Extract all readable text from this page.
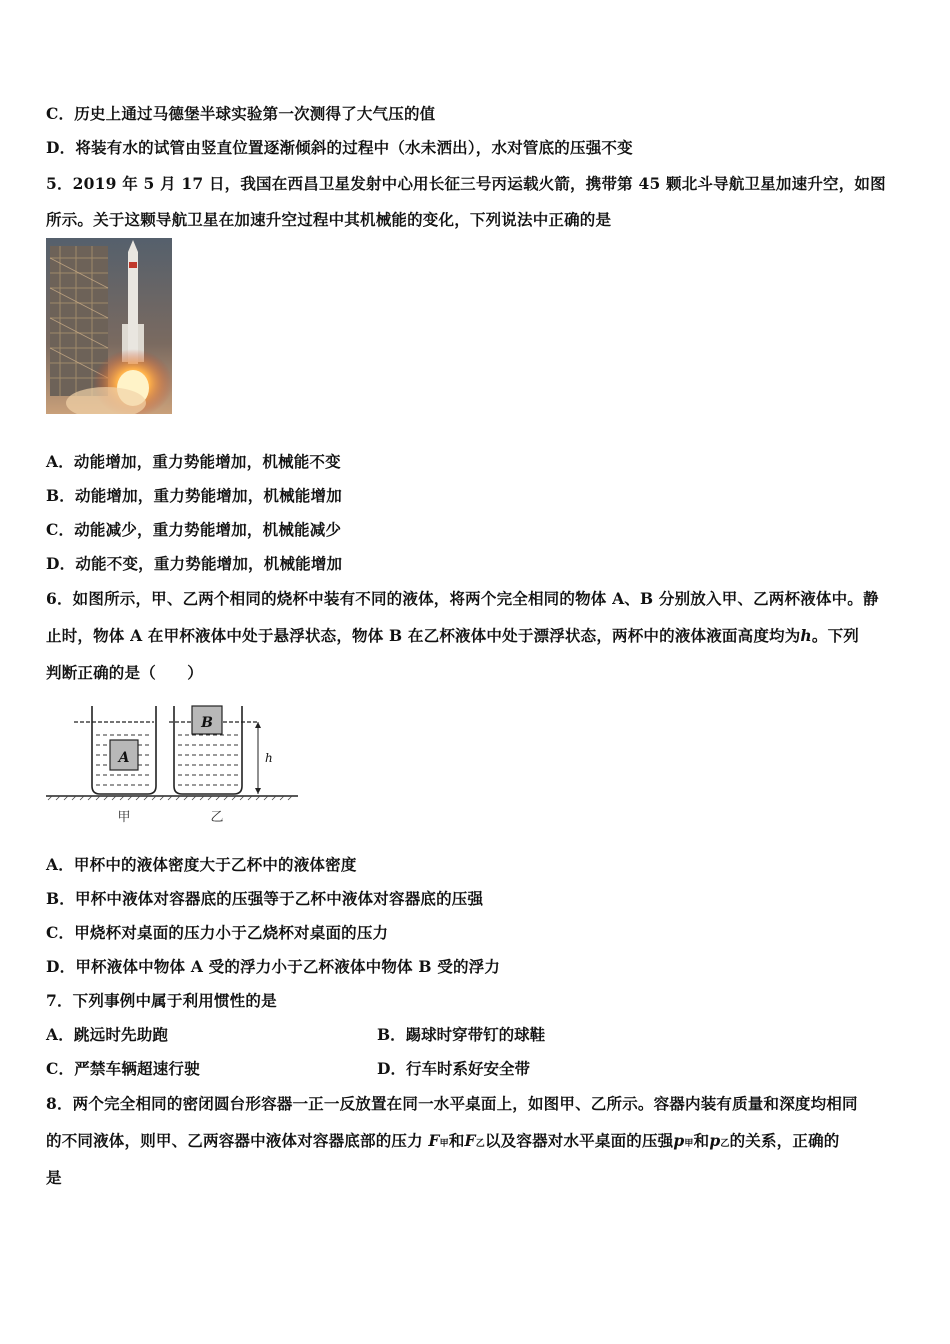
C．历史上通过马德堡半球实验第一次测得了大气压的值
D．将装有水的试管由竖直位置逐渐倾斜的过程中（水未洒出），水对管底的压强不变
5．2019 年 5 月 17 日，我国在西昌卫星发射中心用长征三号丙运载火箭，携带第 45 颗北斗导航卫星加速升空，如图
所示。关于这颗导航卫星在加速升空过程中其机械能的变化，下列说法中正确的是
A．动能增加，重力势能增加，机械能不变
B．动能增加，重力势能增加，机械能增加
C．动能减少，重力势能增加，机械能减少
D．动能不变，重力势能增加，机械能增加
6．如图所示，甲、乙两个相同的烧杯中装有不同的液体，将两个完全相同的物体 A、B 分别放入甲、乙两杯液体中。静
止时，物体 A 在甲杯液体中处于悬浮状态，物体 B 在乙杯液体中处于漂浮状态，两杯中的液体液面高度均为h。下列
判断正确的是（　　）
A
B
h
甲	乙
A．甲杯中的液体密度大于乙杯中的液体密度
B．甲杯中液体对容器底的压强等于乙杯中液体对容器底的压强
C．甲烧杯对桌面的压力小于乙烧杯对桌面的压力
D．甲杯液体中物体 A 受的浮力小于乙杯液体中物体 B 受的浮力
7．下列事例中属于利用惯性的是
A．跳远时先助跑	B．踢球时穿带钉的球鞋
C．严禁车辆超速行驶	D．行车时系好安全带
8．两个完全相同的密闭圆台形容器一正一反放置在同一水平桌面上，如图甲、乙所示。容器内装有质量和深度均相同
的不同液体，则甲、乙两容器中液体对容器底部的压力 F甲和F乙以及容器对水平桌面的压强p甲和p乙的关系，正确的
是
